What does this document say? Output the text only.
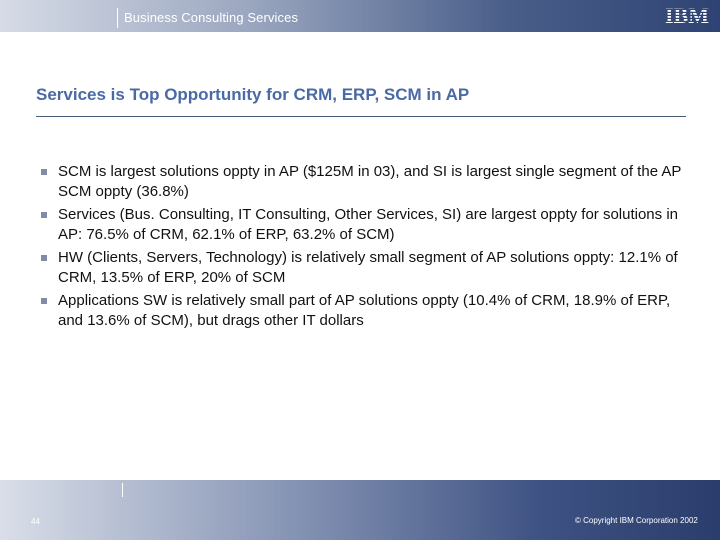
Business Consulting Services	IBM
Services is Top Opportunity for CRM, ERP, SCM in AP
SCM is largest solutions oppty in AP ($125M in 03), and SI is largest single segment of the AP SCM oppty (36.8%)
Services (Bus. Consulting, IT Consulting, Other Services, SI) are largest oppty for solutions in AP: 76.5% of CRM, 62.1% of ERP, 63.2% of SCM)
HW (Clients, Servers, Technology) is relatively small segment of AP solutions oppty: 12.1% of CRM, 13.5% of ERP, 20% of SCM
Applications SW is relatively small part of AP solutions oppty (10.4% of CRM, 18.9% of ERP, and 13.6% of SCM), but drags other IT dollars
44	© Copyright IBM Corporation 2002
